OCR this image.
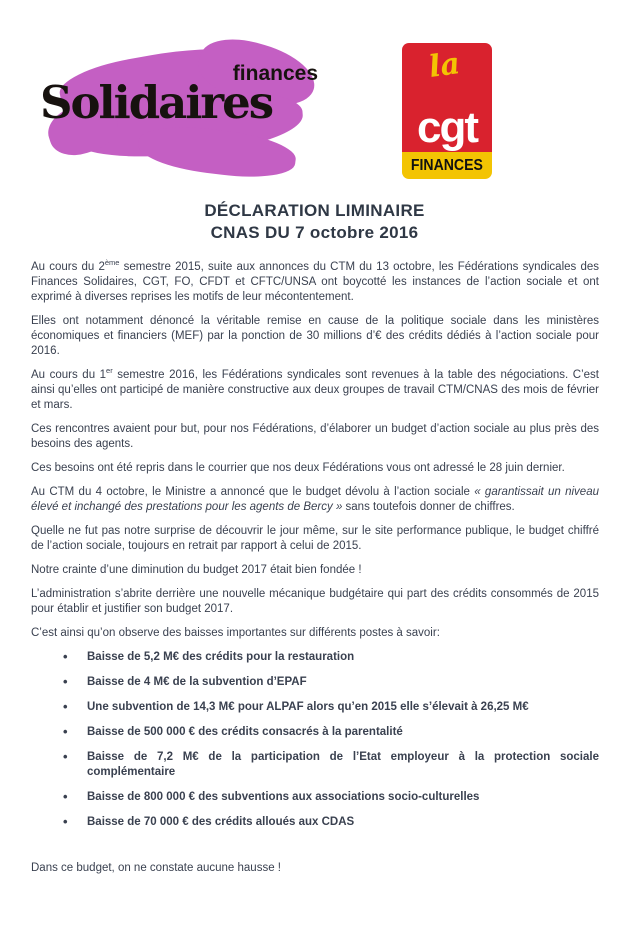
finances
Solidaires
la
cgt
FINANCES
DÉCLARATION LIMINAIRE
CNAS DU 7 octobre 2016

Au cours du 2ème semestre 2015, suite aux annonces du CTM du 13 octobre, les Fédérations syndicales des Finances Solidaires, CGT, FO, CFDT et CFTC/UNSA ont boycotté les instances de l’action sociale et ont exprimé à diverses reprises les motifs de leur mécontentement.

Elles ont notamment dénoncé la véritable remise en cause de la politique sociale dans les ministères économiques et financiers (MEF) par la ponction de 30 millions d’€ des crédits dédiés à l’action sociale pour 2016.

Au cours du 1er semestre 2016, les Fédérations syndicales sont revenues à la table des négociations. C’est ainsi qu’elles ont participé de manière constructive aux deux groupes de travail CTM/CNAS des mois de février et mars.

Ces rencontres avaient pour but, pour nos Fédérations, d’élaborer un budget d’action sociale au plus près des besoins des agents.

Ces besoins ont été repris dans le courrier que nos deux Fédérations vous ont adressé le 28 juin dernier.

Au CTM du 4 octobre, le Ministre a annoncé que le budget dévolu à l’action sociale « garantissait un niveau élevé et inchangé des prestations pour les agents de Bercy » sans toutefois donner de chiffres.

Quelle ne fut pas notre surprise de découvrir le jour même, sur le site performance publique, le budget chiffré de l’action sociale, toujours en retrait par rapport à celui de 2015.

Notre crainte d’une diminution du budget 2017 était bien fondée !

L’administration s’abrite derrière une nouvelle mécanique budgétaire qui part des crédits consommés de 2015 pour établir et justifier son budget 2017.

C’est ainsi qu’on observe des baisses importantes sur différents postes à savoir:

• Baisse de 5,2 M€ des crédits pour la restauration
• Baisse de 4 M€ de la subvention d’EPAF
• Une subvention de 14,3 M€ pour ALPAF alors qu’en 2015 elle s’élevait à 26,25 M€
• Baisse de 500 000 € des crédits consacrés à la parentalité
• Baisse de 7,2 M€ de la participation de l’Etat employeur à la protection sociale complémentaire
• Baisse de 800 000 € des subventions aux associations socio-culturelles
• Baisse de 70 000 € des crédits alloués aux CDAS

Dans ce budget, on ne constate aucune hausse !
